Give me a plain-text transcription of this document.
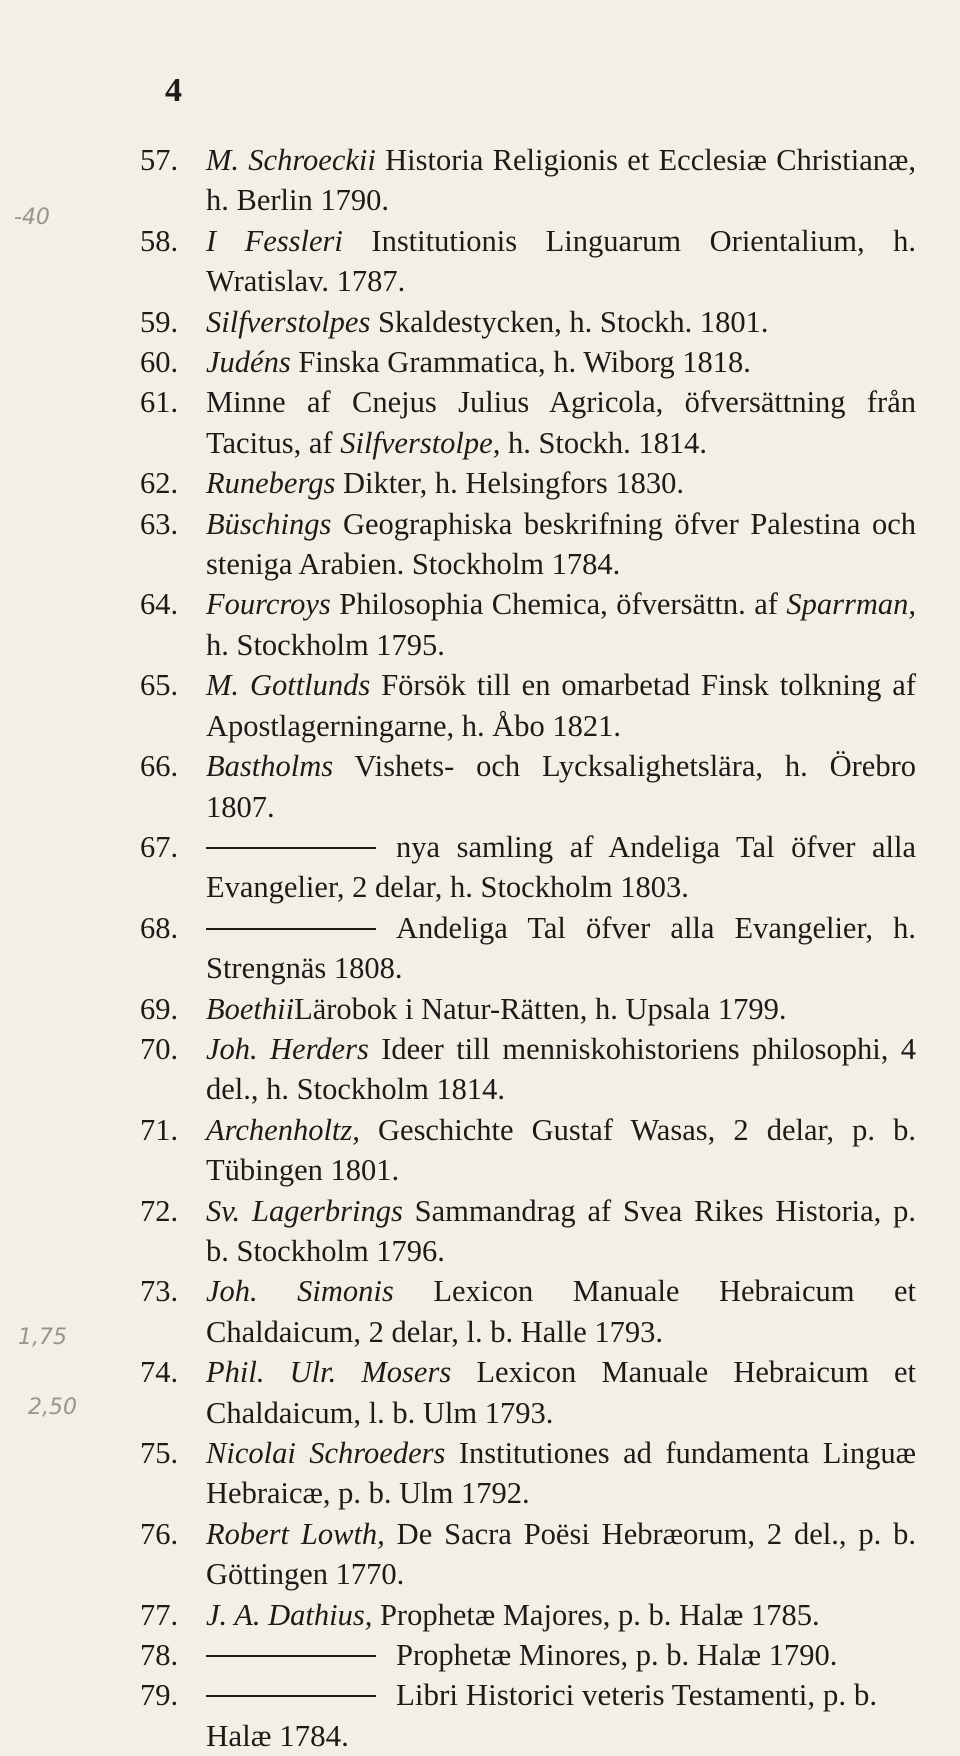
4
-40
1,75
2,50
57. M. Schroeckii Historia Religionis et Ecclesiæ Christianæ, h. Berlin 1790.
58. I Fessleri Institutionis Linguarum Orientalium, h. Wratislav. 1787.
59. Silfverstolpes Skaldestycken, h. Stockh. 1801.
60. Judéns Finska Grammatica, h. Wiborg 1818.
61. Minne af Cnejus Julius Agricola, öfversättning från Tacitus, af Silfverstolpe, h. Stockh. 1814.
62. Runebergs Dikter, h. Helsingfors 1830.
63. Büschings Geographiska beskrifning öfver Palestina och steniga Arabien. Stockholm 1784.
64. Fourcroys Philosophia Chemica, öfversättn. af Sparrman, h. Stockholm 1795.
65. M. Gottlunds Försök till en omarbetad Finsk tolkning af Apostlagerningarne, h. Åbo 1821.
66. Bastholms Vishets- och Lycksalighetslära, h. Örebro 1807.
67.	nya samling af Andeliga Tal öfver alla Evangelier, 2 delar, h. Stockholm 1803.
68.	Andeliga Tal öfver alla Evangelier, h. Strengnäs 1808.
69. BoethiiLärobok i Natur-Rätten, h. Upsala 1799.
70. Joh. Herders Ideer till menniskohistoriens philosophi, 4 del., h. Stockholm 1814.
71. Archenholtz, Geschichte Gustaf Wasas, 2 delar, p. b. Tübingen 1801.
72. Sv. Lagerbrings Sammandrag af Svea Rikes Historia, p. b. Stockholm 1796.
73. Joh. Simonis Lexicon Manuale Hebraicum et Chaldaicum, 2 delar, l. b. Halle 1793.
74. Phil. Ulr. Mosers Lexicon Manuale Hebraicum et Chaldaicum, l. b. Ulm 1793.
75. Nicolai Schroeders Institutiones ad fundamenta Linguæ Hebraicæ, p. b. Ulm 1792.
76. Robert Lowth, De Sacra Poësi Hebræorum, 2 del., p. b. Göttingen 1770.
77. J. A. Dathius, Prophetæ Majores, p. b. Halæ 1785.
78.	Prophetæ Minores, p. b. Halæ 1790.
79.	Libri Historici veteris Testamenti, p. b. Halæ 1784.
